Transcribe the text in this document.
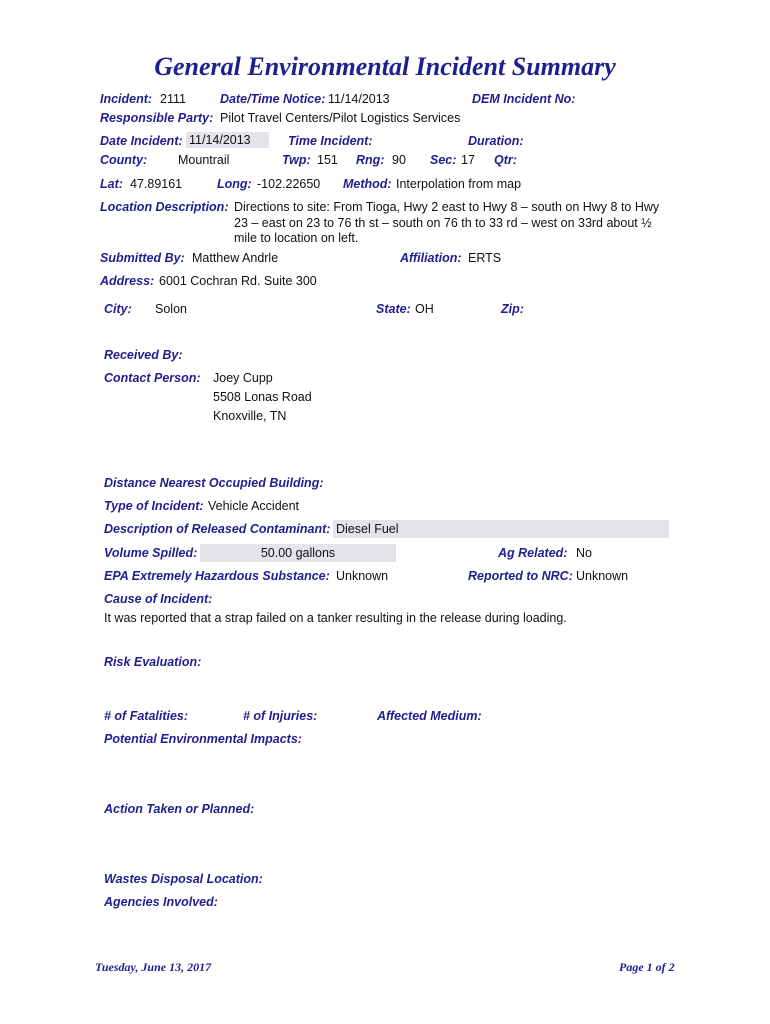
General Environmental Incident Summary
Incident: 2111	Date/Time Notice: 11/14/2013	DEM Incident No:
Responsible Party: Pilot Travel Centers/Pilot Logistics Services
Date Incident: 11/14/2013	Time Incident:	Duration:
County: Mountrail	Twp: 151 Rng: 90 Sec: 17 Qtr:
Lat: 47.89161	Long: -102.22650 Method: Interpolation from map
Location Description: Directions to site: From Tioga, Hwy 2 east to Hwy 8 – south on Hwy 8 to Hwy 23 – east on 23 to 76 th st – south on 76 th to 33 rd – west on 33rd about ½ mile to location on left.
Submitted By: Matthew Andrle	Affiliation: ERTS
Address: 6001 Cochran Rd. Suite 300
City: Solon	State: OH	Zip:
Received By:
Contact Person: Joey Cupp
5508 Lonas Road
Knoxville, TN
Distance Nearest Occupied Building:
Type of Incident: Vehicle Accident
Description of Released Contaminant: Diesel Fuel
Volume Spilled:	50.00 gallons	Ag Related: No
EPA Extremely Hazardous Substance: Unknown	Reported to NRC: Unknown
Cause of Incident:
It was reported that a strap failed on a tanker resulting in the release during loading.
Risk Evaluation:
# of Fatalities:	# of Injuries:	Affected Medium:
Potential Environmental Impacts:
Action Taken or Planned:
Wastes Disposal Location:
Agencies Involved:
Tuesday, June 13, 2017	Page 1 of 2
